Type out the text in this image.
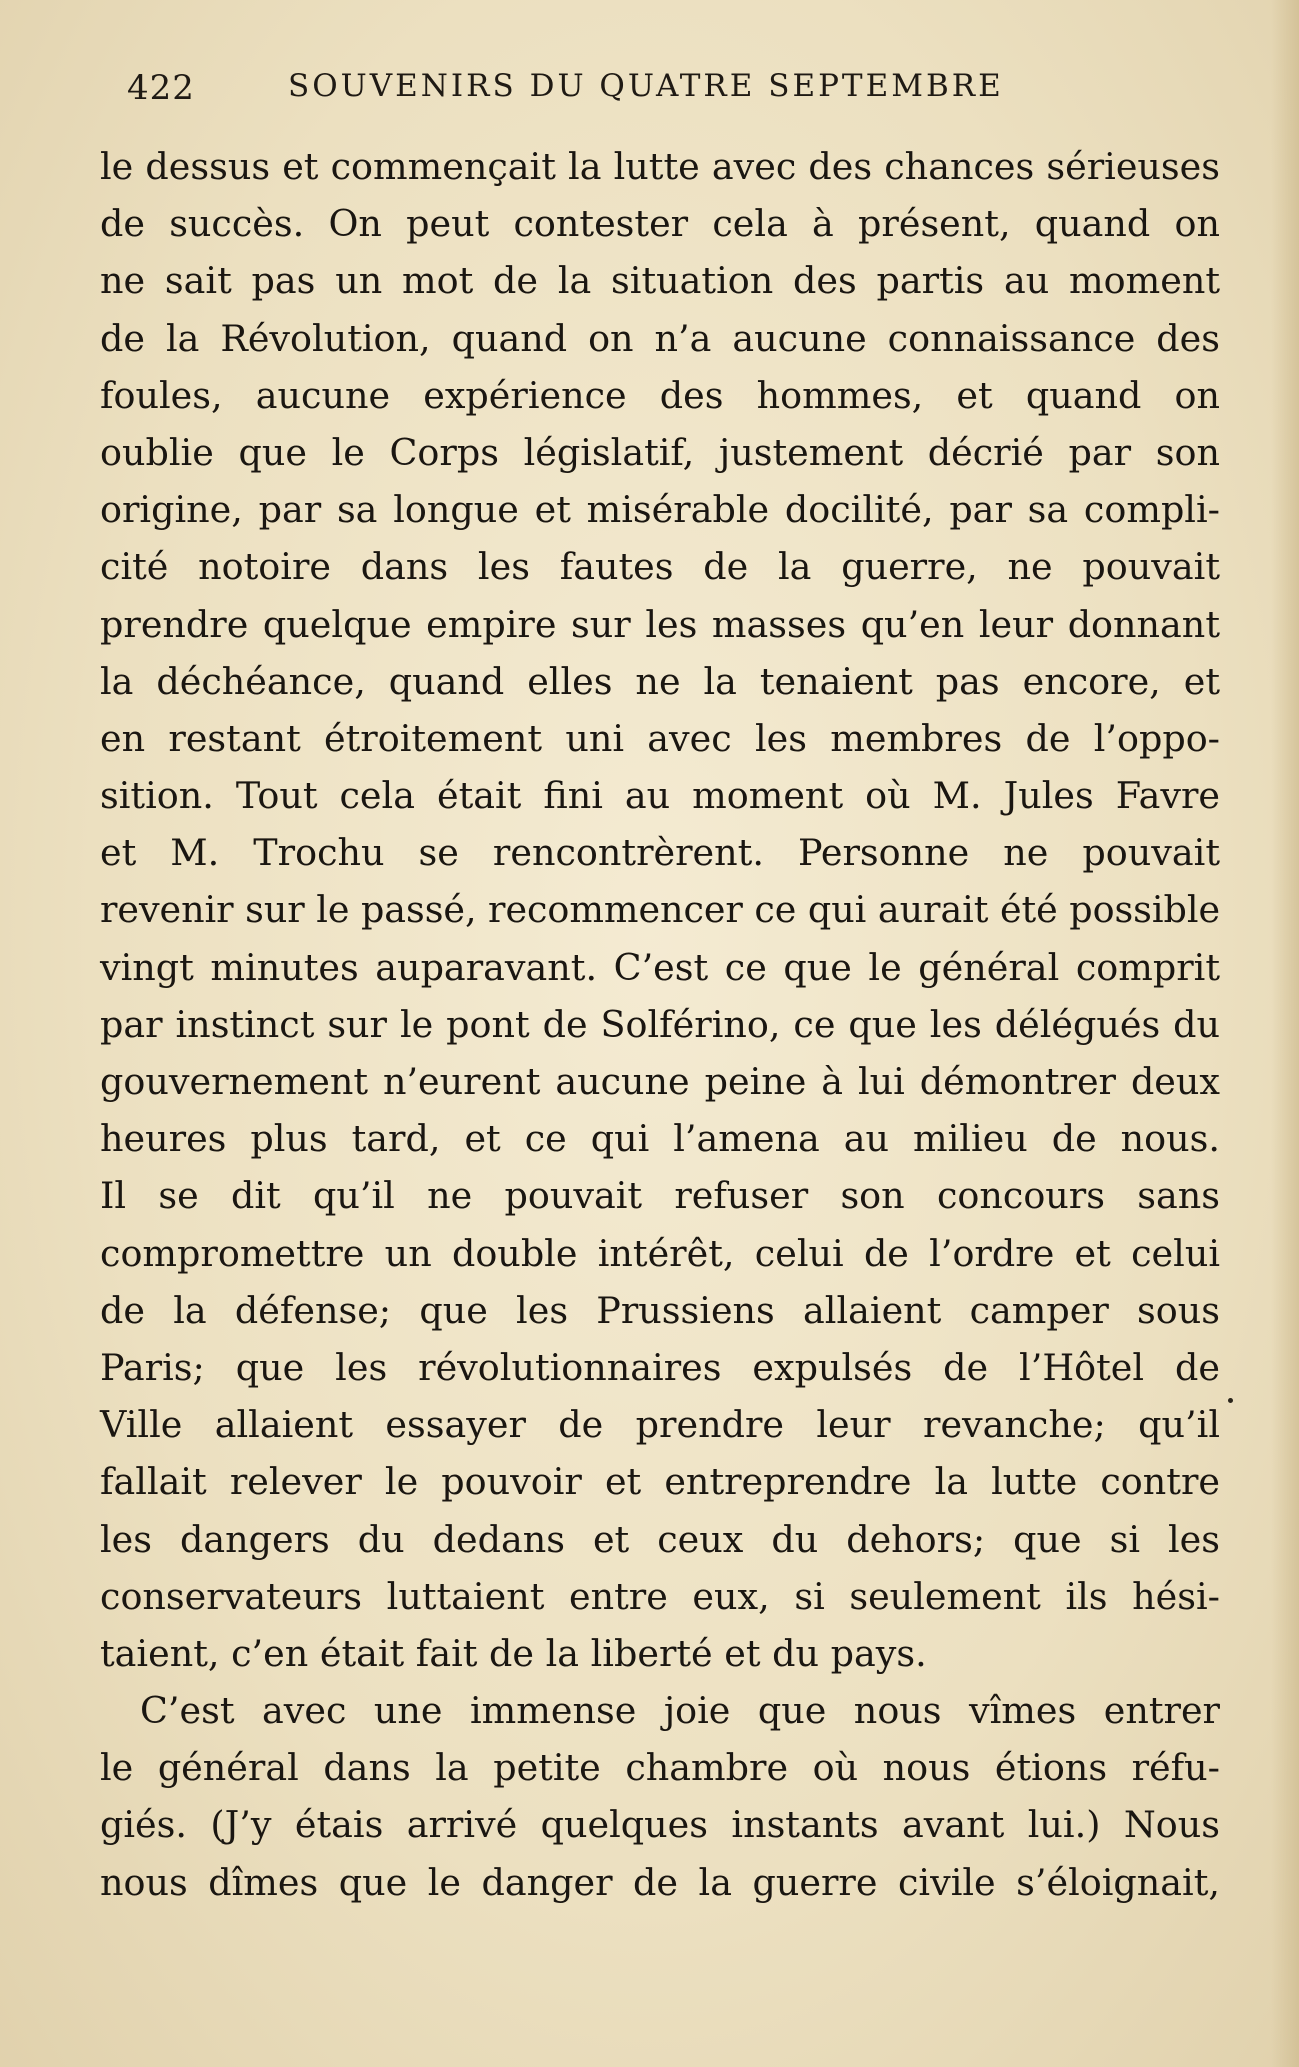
422	SOUVENIRS DU QUATRE SEPTEMBRE
le dessus et commençait la lutte avec des chances sérieuses
de succès. On peut contester cela à présent, quand on
ne sait pas un mot de la situation des partis au moment
de la Révolution, quand on n’a aucune connaissance des
foules, aucune expérience des hommes, et quand on
oublie que le Corps législatif, justement décrié par son
origine, par sa longue et misérable docilité, par sa compli-
cité notoire dans les fautes de la guerre, ne pouvait
prendre quelque empire sur les masses qu’en leur donnant
la déchéance, quand elles ne la tenaient pas encore, et
en restant étroitement uni avec les membres de l’oppo-
sition. Tout cela était fini au moment où M. Jules Favre
et M. Trochu se rencontrèrent. Personne ne pouvait
revenir sur le passé, recommencer ce qui aurait été possible
vingt minutes auparavant. C’est ce que le général comprit
par instinct sur le pont de Solférino, ce que les délégués du
gouvernement n’eurent aucune peine à lui démontrer deux
heures plus tard, et ce qui l’amena au milieu de nous.
Il se dit qu’il ne pouvait refuser son concours sans
compromettre un double intérêt, celui de l’ordre et celui
de la défense; que les Prussiens allaient camper sous
Paris; que les révolutionnaires expulsés de l’Hôtel de
Ville allaient essayer de prendre leur revanche; qu’il
fallait relever le pouvoir et entreprendre la lutte contre
les dangers du dedans et ceux du dehors; que si les
conservateurs luttaient entre eux, si seulement ils hési-
taient, c’en était fait de la liberté et du pays.
C’est avec une immense joie que nous vîmes entrer
le général dans la petite chambre où nous étions réfu-
giés. (J’y étais arrivé quelques instants avant lui.) Nous
nous dîmes que le danger de la guerre civile s’éloignait,
